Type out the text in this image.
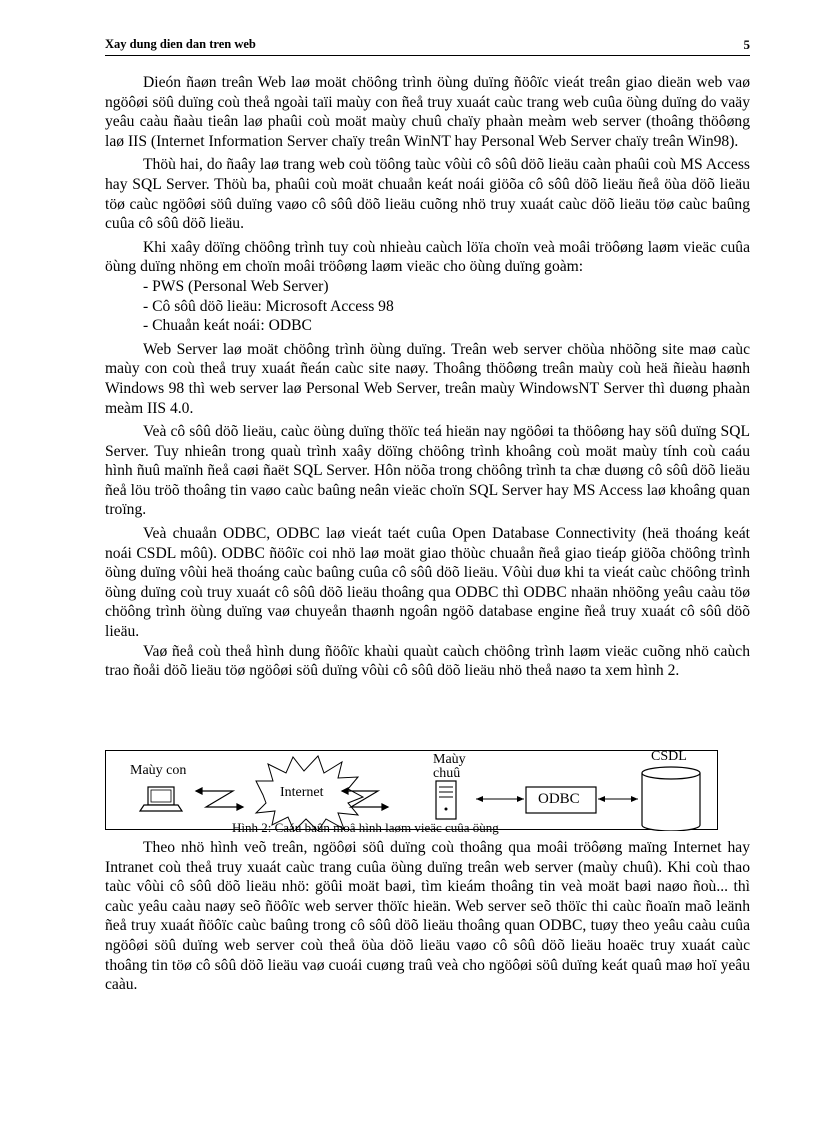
Xay dung dien dan tren web	5

Dieón ñaøn treân Web laø moät chöông trình öùng duïng ñöôïc vieát treân giao dieän web vaø ngöôøi söû duïng coù theå ngoài taïi maùy con ñeå truy xuaát caùc trang web cuûa öùng duïng do vaäy yeâu caàu ñaàu tieân laø phaûi coù moät maùy chuû chaïy phaàn meàm web server (thoâng thöôøng laø IIS (Internet Information Server chaïy treân WinNT hay Personal Web Server chaïy treân Win98).

Thöù hai, do ñaây laø trang web coù töông taùc vôùi cô sôû döõ lieäu caàn phaûi coù MS Access hay SQL Server. Thöù ba, phaûi coù moät chuaån keát noái giöõa cô sôû döõ lieäu ñeå öùa döõ lieäu töø caùc ngöôøi söû duïng vaøo cô sôû döõ lieäu cuõng nhö truy xuaát caùc döõ lieäu töø caùc baûng cuûa cô sôû döõ lieäu.

Khi xaây döïng chöông trình tuy coù nhieàu caùch löïa choïn veà moâi tröôøng laøm vieäc cuûa öùng duïng nhöng em choïn moâi tröôøng laøm vieäc cho öùng duïng goàm:

- PWS (Personal Web Server)

- Cô sôû döõ lieäu: Microsoft Access 98

- Chuaån keát noái: ODBC

Web Server laø moät chöông trình öùng duïng. Treân web server chöùa nhöõng site maø caùc maùy con coù theå truy xuaát ñeán caùc site naøy. Thoâng thöôøng treân maùy coù heä ñieàu haønh Windows 98 thì web server laø Personal Web Server, treân maùy WindowsNT Server thì duøng phaàn meàm IIS 4.0.

Veà cô sôû döõ lieäu, caùc öùng duïng thöïc teá hieän nay ngöôøi ta thöôøng hay söû duïng SQL Server. Tuy nhieân trong quaù trình xaây döïng chöông trình khoâng coù moät maùy tính coù caáu hình ñuû maïnh ñeå caøi ñaët SQL Server. Hôn nöõa trong chöông trình ta chæ duøng cô sôû döõ lieäu ñeå löu tröõ thoâng tin vaøo caùc baûng neân vieäc choïn SQL Server hay MS Access laø khoâng quan troïng.

Veà chuaån ODBC, ODBC laø vieát taét cuûa Open Database Connectivity (heä thoáng keát noái CSDL môû). ODBC ñöôïc coi nhö laø moät giao thöùc chuaån ñeå giao tieáp giöõa chöông trình öùng duïng vôùi heä thoáng caùc baûng cuûa cô sôû döõ lieäu. Vôùi duø khi ta vieát caùc chöông trình öùng duïng coù truy xuaát cô sôû döõ lieäu thoâng qua ODBC thì ODBC nhaän nhöõng yeâu caàu töø chöông trình öùng duïng vaø chuyeån thaønh ngoân ngöõ database engine ñeå truy xuaát cô sôû döõ lieäu.

Vaø ñeå coù theå hình dung ñöôïc khaùi quaùt caùch chöông trình laøm vieäc cuõng nhö caùch trao ñoåi döõ lieäu töø ngöôøi söû duïng vôùi cô sôû döõ lieäu nhö theå naøo ta xem hình 2.

Maùy con
Internet
Maùy chuû
ODBC
CSDL
Hình 2: Caáu baûn moâ hình laøm vieäc cuûa öùng

Theo nhö hình veõ treân, ngöôøi söû duïng coù thoâng qua moâi tröôøng maïng Internet hay Intranet coù theå truy xuaát caùc trang cuûa öùng duïng treân web server (maùy chuû). Khi coù thao taùc vôùi cô sôû döõ lieäu nhö: göûi moät baøi, tìm kieám thoâng tin veà moät baøi naøo ñoù... thì caùc yeâu caàu naøy seõ ñöôïc web server thöïc hieän. Web server seõ thöïc thi caùc ñoaïn maõ leänh ñeå truy xuaát ñöôïc caùc baûng trong cô sôû döõ lieäu thoâng quan ODBC, tuøy theo yeâu caàu cuûa ngöôøi söû duïng web server coù theå öùa döõ lieäu vaøo cô sôû döõ lieäu hoaëc truy xuaát caùc thoâng tin töø cô sôû döõ lieäu vaø cuoái cuøng traû veà cho ngöôøi söû duïng keát quaû maø hoï yeâu caàu.
